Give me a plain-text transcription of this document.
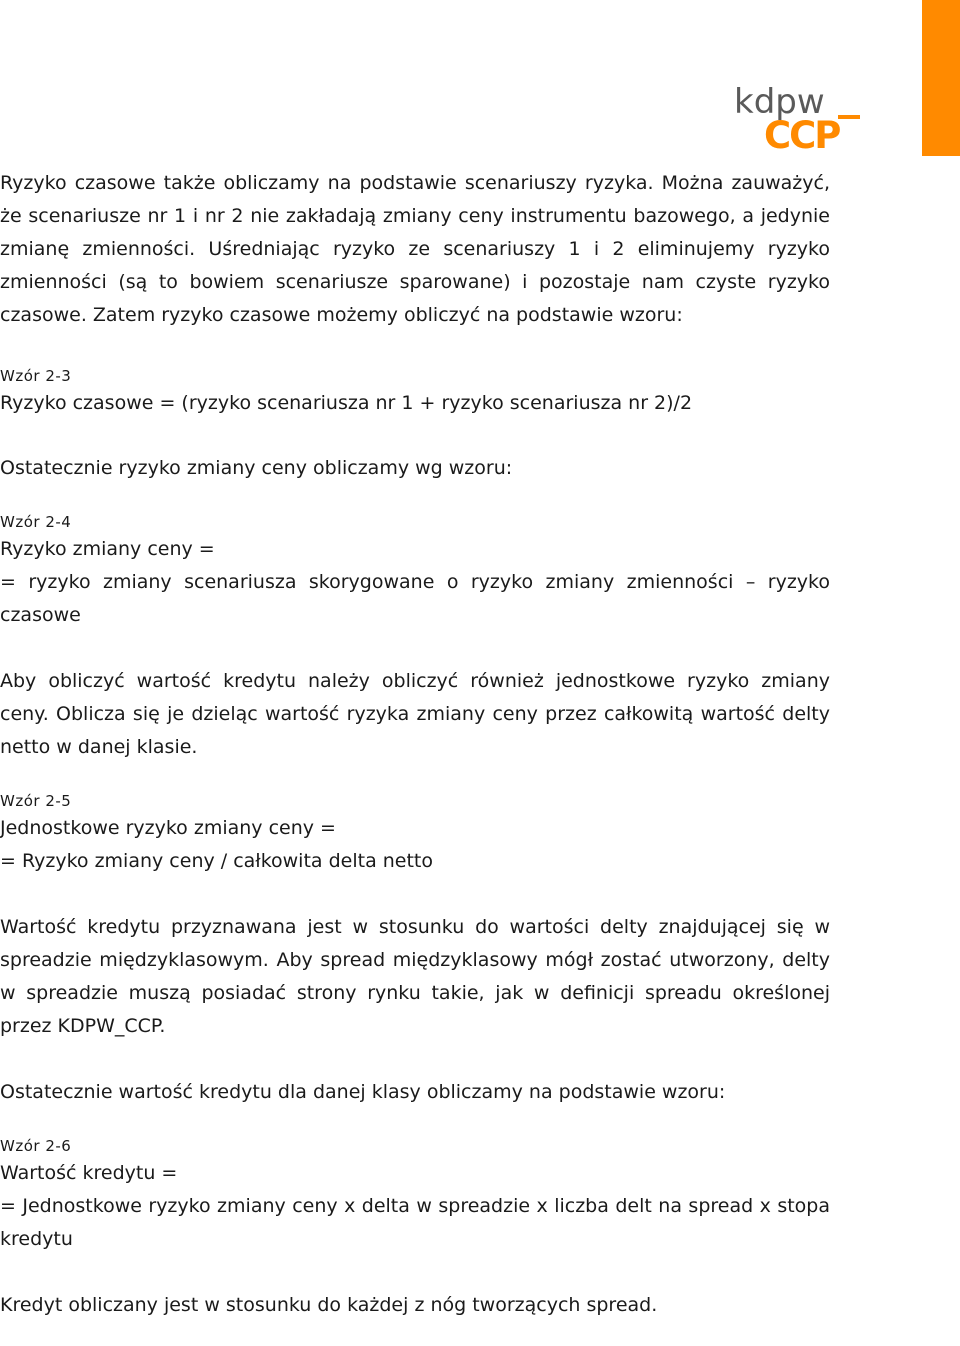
kdpw
CCP

Ryzyko czasowe także obliczamy na podstawie scenariuszy ryzyka. Można zauważyć, że scenariusze nr 1 i nr 2 nie zakładają zmiany ceny instrumentu bazowego, a jedynie zmianę zmienności. Uśredniając ryzyko ze scenariuszy 1 i 2 eliminujemy ryzyko zmienności (są to bowiem scenariusze sparowane) i pozostaje nam czyste ryzyko czasowe. Zatem ryzyko czasowe możemy obliczyć na podstawie wzoru:

Wzór 2-3

Ryzyko czasowe = (ryzyko scenariusza nr 1 + ryzyko scenariusza nr 2)/2

Ostatecznie ryzyko zmiany ceny obliczamy wg wzoru:

Wzór 2-4

Ryzyko zmiany ceny =

= ryzyko zmiany scenariusza skorygowane o ryzyko zmiany zmienności – ryzyko czasowe

Aby obliczyć wartość kredytu należy obliczyć również jednostkowe ryzyko zmiany ceny. Oblicza się je dzieląc wartość ryzyka zmiany ceny przez całkowitą wartość delty netto w danej klasie.

Wzór 2-5

Jednostkowe ryzyko zmiany ceny =

= Ryzyko zmiany ceny / całkowita delta netto

Wartość kredytu przyznawana jest w stosunku do wartości delty znajdującej się w spreadzie międzyklasowym. Aby spread międzyklasowy mógł zostać utworzony, delty w spreadzie muszą posiadać strony rynku takie, jak w definicji spreadu określonej przez KDPW_CCP.

Ostatecznie wartość kredytu dla danej klasy obliczamy na podstawie wzoru:

Wzór 2-6

Wartość kredytu =

= Jednostkowe ryzyko zmiany ceny x delta w spreadzie x liczba delt na spread x stopa kredytu

Kredyt obliczany jest w stosunku do każdej z nóg tworzących spread.
